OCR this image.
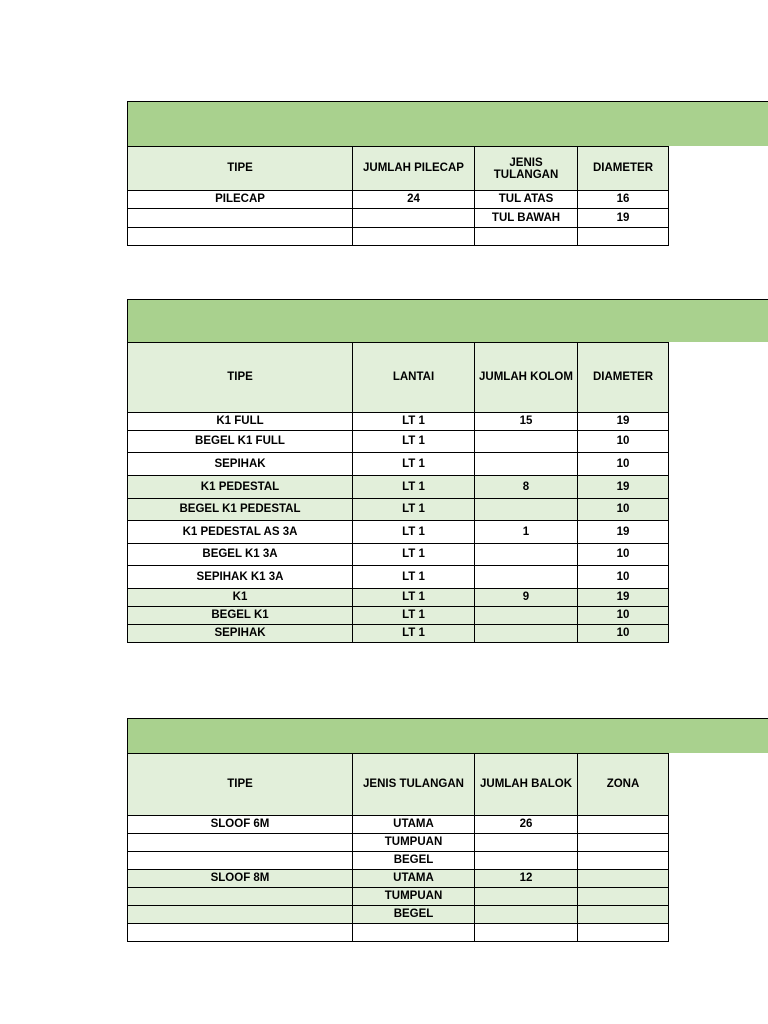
TIPE	JUMLAH PILECAP	JENIS TULANGAN	DIAMETER
PILECAP	24	TUL ATAS	16
		TUL BAWAH	19

TIPE	LANTAI	JUMLAH KOLOM	DIAMETER
K1 FULL	LT 1	15	19
BEGEL K1 FULL	LT 1		10
SEPIHAK	LT 1		10
K1 PEDESTAL	LT 1	8	19
BEGEL K1 PEDESTAL	LT 1		10
K1 PEDESTAL AS 3A	LT 1	1	19
BEGEL K1 3A	LT 1		10
SEPIHAK K1 3A	LT 1		10
K1	LT 1	9	19
BEGEL K1	LT 1		10
SEPIHAK	LT 1		10
TIPE	JENIS TULANGAN	JUMLAH BALOK	ZONA
SLOOF 6M	UTAMA	26	
	TUMPUAN		
	BEGEL		
SLOOF 8M	UTAMA	12	
	TUMPUAN		
	BEGEL		
